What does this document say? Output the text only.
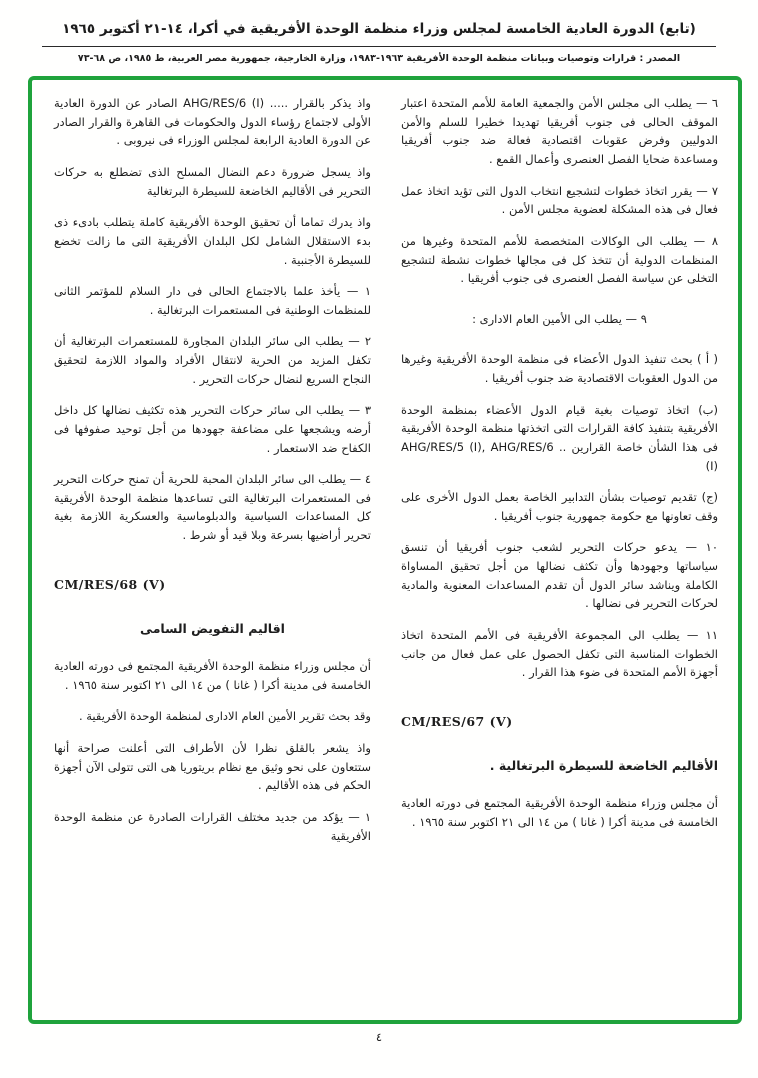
(تابع) الدورة العادية الخامسة لمجلس وزراء منظمة الوحدة الأفريقية في أكرا، ١٤-٢١ أكتوبر ١٩٦٥
المصدر : قرارات وتوصيات وبيانات منظمة الوحدة الأفريقية ١٩٦٣-١٩٨٣، وزارة الخارجية، جمهورية مصر العربية، ط ١٩٨٥، ص ٦٨-٧٣

٦ — يطلب الى مجلس الأمن والجمعية العامة للأمم المتحدة اعتبار الموقف الحالى فى جنوب أفريقيا تهديدا خطيرا للسلم والأمن الدوليين وفرض عقوبات اقتصادية فعالة ضد جنوب أفريقيا ومساعدة ضحايا الفصل العنصرى وأعمال القمع .

٧ — يقرر اتخاذ خطوات لتشجيع انتخاب الدول التى تؤيد اتخاذ عمل فعال فى هذه المشكلة لعضوية مجلس الأمن .

٨ — يطلب الى الوكالات المتخصصة للأمم المتحدة وغيرها من المنظمات الدولية أن تتخذ كل فى مجالها خطوات نشطة لتشجيع التخلى عن سياسة الفصل العنصرى فى جنوب أفريقيا .

٩ — يطلب الى الأمين العام الادارى :

( أ ) بحث تنفيذ الدول الأعضاء فى منظمة الوحدة الأفريقية وغيرها من الدول العقوبات الاقتصادية ضد جنوب أفريقيا .

(ب) اتخاذ توصيات بغية قيام الدول الأعضاء بمنظمة الوحدة الأفريقية بتنفيذ كافة القرارات التى اتخذتها منظمة الوحدة الأفريقية فى هذا الشأن خاصة القرارين .. AHG/RES/5 (I), AHG/RES/6 (I)

(ج) تقديم توصيات بشأن التدابير الخاصة بعمل الدول الأخرى على وقف تعاونها مع حكومة جمهورية جنوب أفريقيا .

١٠ — يدعو حركات التحرير لشعب جنوب أفريقيا أن تنسق سياساتها وجهودها وأن تكثف نضالها من أجل تحقيق المساواة الكاملة ويناشد سائر الدول أن تقدم المساعدات المعنوية والمادية لحركات التحرير فى نضالها .

١١ — يطلب الى المجموعة الأفريقية فى الأمم المتحدة اتخاذ الخطوات المناسبة التى تكفل الحصول على عمل فعال من جانب أجهزة الأمم المتحدة فى ضوء هذا القرار .

CM/RES/67 (V)

الأقاليم الخاضعة للسيطرة البرتغالية .

أن مجلس وزراء منظمة الوحدة الأفريقية المجتمع فى دورته العادية الخامسة فى مدينة أكرا ( غانا ) من ١٤ الى ٢١ اكتوبر سنة ١٩٦٥ .

واذ يذكر بالقرار ..... AHG/RES/6 (I) الصادر عن الدورة العادية الأولى لاجتماع رؤساء الدول والحكومات فى القاهرة والقرار الصادر عن الدورة العادية الرابعة لمجلس الوزراء فى نيروبى .

واذ يسجل ضرورة دعم النضال المسلح الذى تضطلع به حركات التحرير فى الأقاليم الخاضعة للسيطرة البرتغالية

واذ يدرك تماما أن تحقيق الوحدة الأفريقية كاملة يتطلب بادىء ذى بدء الاستقلال الشامل لكل البلدان الأفريقية التى ما زالت تخضع للسيطرة الأجنبية .

١ — يأخذ علما بالاجتماع الحالى فى دار السلام للمؤتمر الثانى للمنظمات الوطنية فى المستعمرات البرتغالية .

٢ — يطلب الى سائر البلدان المجاورة للمستعمرات البرتغالية أن تكفل المزيد من الحرية لانتقال الأفراد والمواد اللازمة لتحقيق النجاح السريع لنضال حركات التحرير .

٣ — يطلب الى سائر حركات التحرير هذه تكثيف نضالها كل داخل أرضه ويشجعها على مضاعفة جهودها من أجل توحيد صفوفها فى الكفاح ضد الاستعمار .

٤ — يطلب الى سائر البلدان المحبة للحرية أن تمنح حركات التحرير فى المستعمرات البرتغالية التى تساعدها منظمة الوحدة الأفريقية كل المساعدات السياسية والدبلوماسية والعسكرية اللازمة بغية تحرير أراضيها بسرعة وبلا قيد أو شرط .

CM/RES/68 (V)

اقاليم التفويض السامى

أن مجلس وزراء منظمة الوحدة الأفريقية المجتمع فى دورته العادية الخامسة فى مدينة أكرا ( غانا ) من ١٤ الى ٢١ اكتوبر سنة ١٩٦٥ .

وقد بحث تقرير الأمين العام الادارى لمنظمة الوحدة الأفريقية .

واذ يشعر بالقلق نظرا لأن الأطراف التى أعلنت صراحة أنها ستتعاون على نحو وثيق مع نظام بريتوريا هى التى تتولى الآن أجهزة الحكم فى هذه الأقاليم .

١ — يؤكد من جديد مختلف القرارات الصادرة عن منظمة الوحدة الأفريقية

٤
